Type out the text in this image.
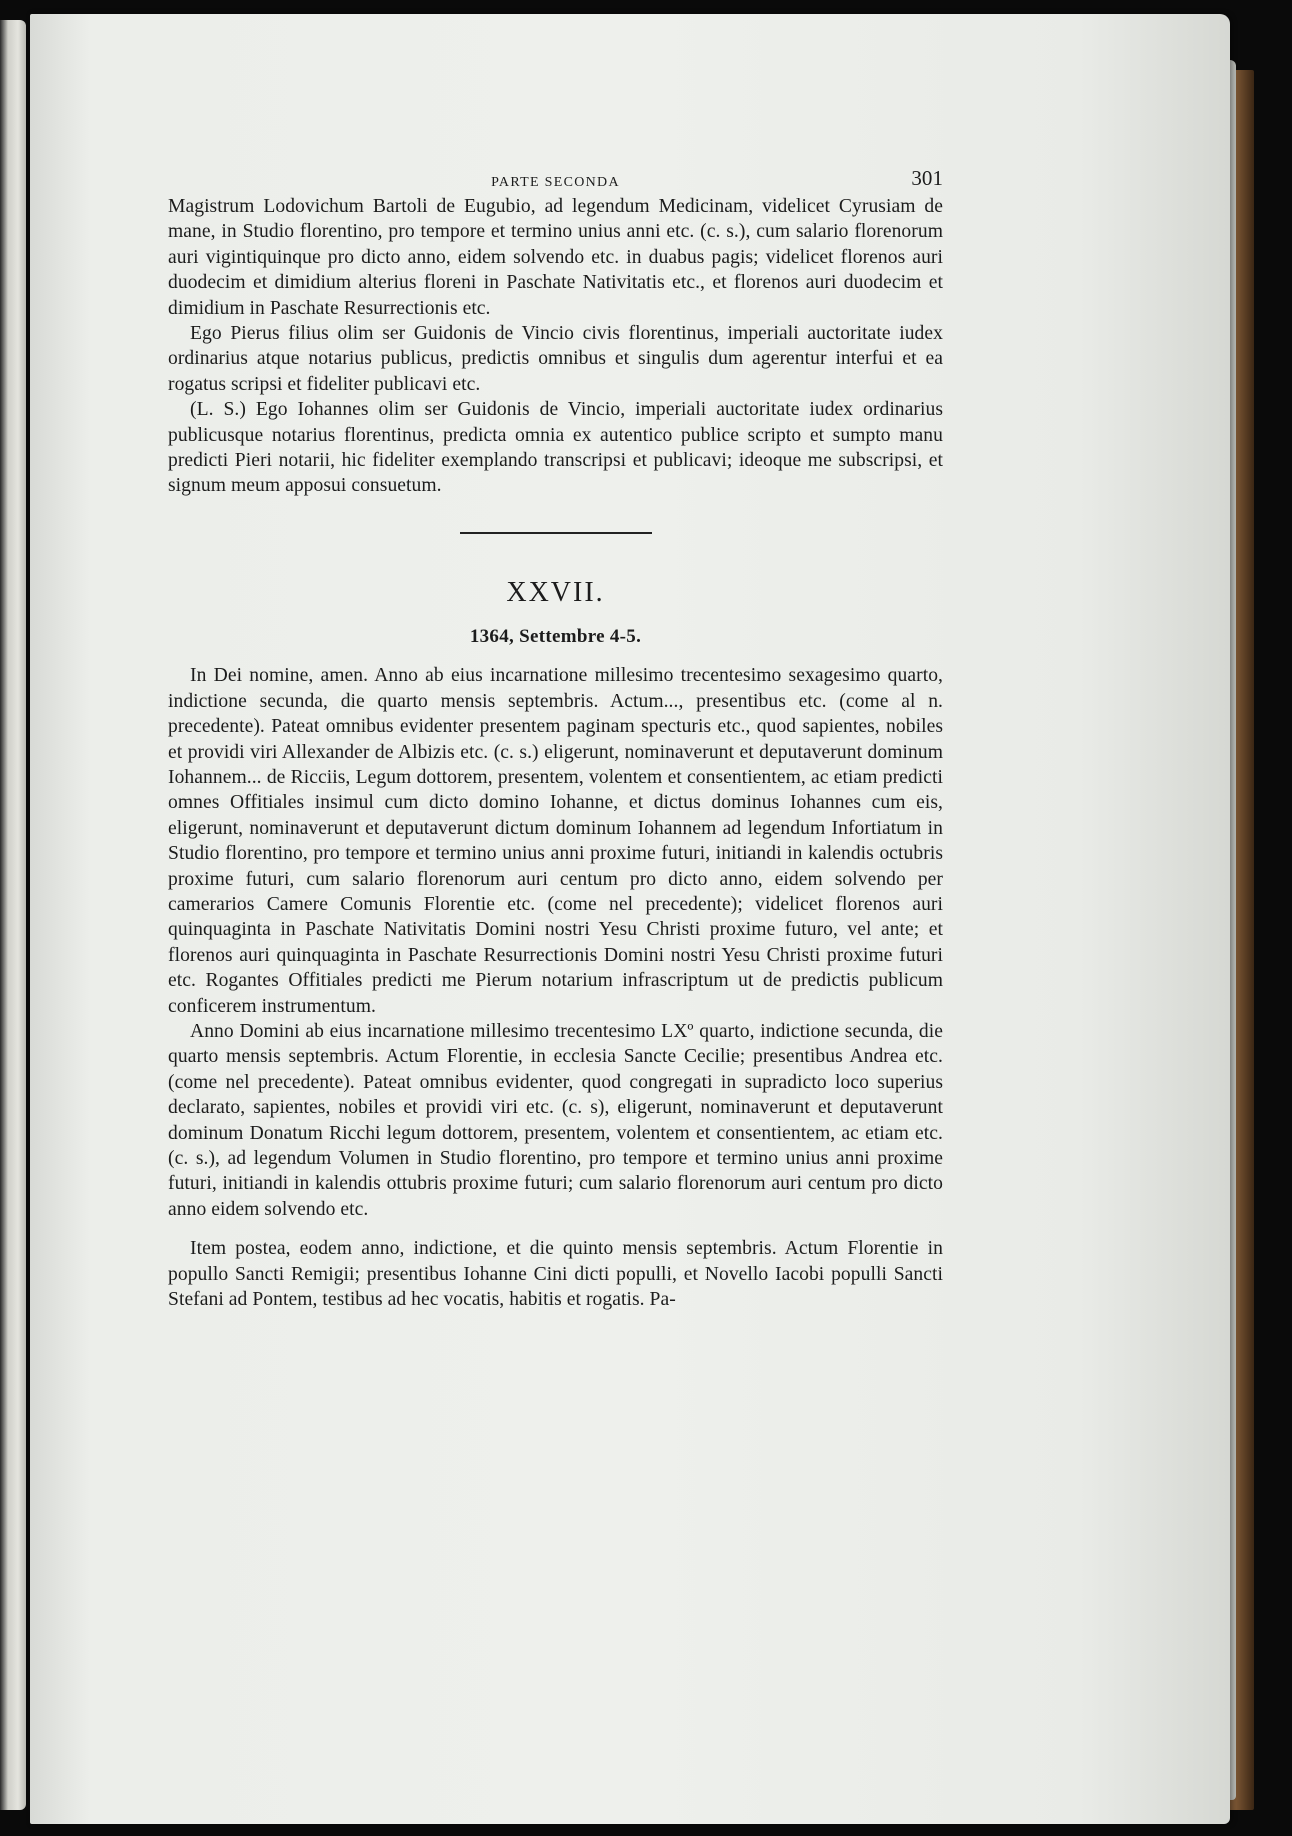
PARTE SECONDA	301

Magistrum Lodovichum Bartoli de Eugubio, ad legendum Medicinam, videlicet Cyrusiam de mane, in Studio florentino, pro tempore et termino unius anni etc. (c. s.), cum salario florenorum auri vigintiquinque pro dicto anno, eidem solvendo etc. in duabus pagis; videlicet florenos auri duodecim et dimidium alterius floreni in Paschate Nativitatis etc., et florenos auri duodecim et dimidium in Paschate Resurrectionis etc.

Ego Pierus filius olim ser Guidonis de Vincio civis florentinus, imperiali auctoritate iudex ordinarius atque notarius publicus, predictis omnibus et singulis dum agerentur interfui et ea rogatus scripsi et fideliter publicavi etc.

(L. S.) Ego Iohannes olim ser Guidonis de Vincio, imperiali auctoritate iudex ordinarius publicusque notarius florentinus, predicta omnia ex autentico publice scripto et sumpto manu predicti Pieri notarii, hic fideliter exemplando transcripsi et publicavi; ideoque me subscripsi, et signum meum apposui consuetum.

XXVII.
1364, Settembre 4-5.

In Dei nomine, amen. Anno ab eius incarnatione millesimo trecentesimo sexagesimo quarto, indictione secunda, die quarto mensis septembris. Actum..., presentibus etc. (come al n. precedente). Pateat omnibus evidenter presentem paginam specturis etc., quod sapientes, nobiles et providi viri Allexander de Albizis etc. (c. s.) eligerunt, nominaverunt et deputaverunt dominum Iohannem... de Ricciis, Legum dottorem, presentem, volentem et consentientem, ac etiam predicti omnes Offitiales insimul cum dicto domino Iohanne, et dictus dominus Iohannes cum eis, eligerunt, nominaverunt et deputaverunt dictum dominum Iohannem ad legendum Infortiatum in Studio florentino, pro tempore et termino unius anni proxime futuri, initiandi in kalendis octubris proxime futuri, cum salario florenorum auri centum pro dicto anno, eidem solvendo per camerarios Camere Comunis Florentie etc. (come nel precedente); videlicet florenos auri quinquaginta in Paschate Nativitatis Domini nostri Yesu Christi proxime futuro, vel ante; et florenos auri quinquaginta in Paschate Resurrectionis Domini nostri Yesu Christi proxime futuri etc. Rogantes Offitiales predicti me Pierum notarium infrascriptum ut de predictis publicum conficerem instrumentum.

Anno Domini ab eius incarnatione millesimo trecentesimo LXº quarto, indictione secunda, die quarto mensis septembris. Actum Florentie, in ecclesia Sancte Cecilie; presentibus Andrea etc. (come nel precedente). Pateat omnibus evidenter, quod congregati in supradicto loco superius declarato, sapientes, nobiles et providi viri etc. (c. s), eligerunt, nominaverunt et deputaverunt dominum Donatum Ricchi legum dottorem, presentem, volentem et consentientem, ac etiam etc. (c. s.), ad legendum Volumen in Studio florentino, pro tempore et termino unius anni proxime futuri, initiandi in kalendis ottubris proxime futuri; cum salario florenorum auri centum pro dicto anno eidem solvendo etc.

Item postea, eodem anno, indictione, et die quinto mensis septembris. Actum Florentie in popullo Sancti Remigii; presentibus Iohanne Cini dicti populli, et Novello Iacobi populli Sancti Stefani ad Pontem, testibus ad hec vocatis, habitis et rogatis. Pa-
